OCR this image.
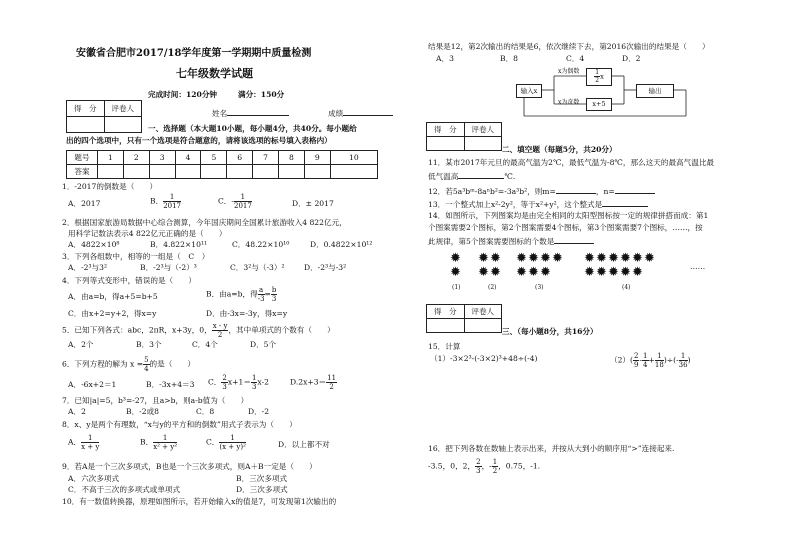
安徽省合肥市2017/18学年度第一学期期中质量检测
七年级数学试题
完成时间：120分钟	满分：150分
得　分	评卷人

姓名	成绩
一、选择题（本大题10小题，每小题4分，共40分。每小题给
出的四个选项中，只有一个选项是符合题意的，请将该选项的标号填入表格内）
题号	1	2	3	4	5	6	7	8	9	10
答案										
1．-2017的倒数是（　　）
A．2017	B． $\frac{1}{2017}$	C．- $\frac{1}{2017}$	D．± 2017
2．根据国家旅游局数据中心综合测算，今年国庆期间全国累计旅游收入4 822亿元，
用科学记数法表示4 822亿元正确的是（　　）
A．4822×10⁸	B．4.822×10¹¹	C．48.22×10¹⁰	D．0.4822×10¹²
3．下列各组数中，相等的一组是（　C　）
A．-2³与3²	B．-2³与（-2）³	C．3²与（-3）²	D．-2³与-3²
4．下列等式变形中，错误的是（　　）
A．由a=b，得a+5=b+5	B．由a=b，得 $\frac{a}{-3} = \frac{b}{3}$
C．由x+2=y+2，得x=y	D．由-3x=-3y，得x=y
5．已知下列各式：abc，2πR，x+3y，0， $\frac{x - y}{2}$ ，其中单项式的个数有（　　）
A．2个	B．3个	C．4个	D．5个
6．下列方程的解为 $x = \frac{5}{4}$ 的是（　　）
A．-6x+2＝1	B．-3x+4＝3 C． $\frac{2}{3} x+1= \frac{1}{3} x-2$	$D.2x+3= \frac{11}{2}$
7．已知|a|=5，b³=-27，且a>b，则a-b值为（　　）
A．2	B．-2或8	C．8	D．-2
8．x、y是两个有理数，“x与y的平方和的倒数”用式子表示为（　　）
A． $\frac{1}{x + y}$	B． $\frac{1}{\text{x² + y²}}$	C． $\frac{1}{\text{(x + y)²}}$	D．以上都不对
9．若A是一个三次多项式，B也是一个三次多项式，则A＋B一定是（　　）
A．六次多项式	B．三次多项式
C．不高于三次的多项式或单项式	D．三次多项式
10．有一数值转换器，原理如图所示，若开始输入x的值是7，可发现第1次输出的
结果是12，第2次输出的结果是6，依次继续下去，第2016次输出的结果是（　　）
A．3	B．8	C．4	D．2
输入x
x为偶数 $\frac{1}{2}$ x
x为奇数	x+5
输出
得　分	评卷人

二、填空题（每题5分，共20分）
11．某市2017年元旦的最高气温为2℃，最低气温为-8℃，那么这天的最高气温比最
低气温高	℃.
12．若5a³bᵐ-8aⁿb²=-3a³b²，则m=	，n=
13．一个整式加上x²-2y²，等于x²+y²，这个整式是
14．如图所示，下列图案均是由完全相同的太阳型图标按一定的规律拼搭而成：第1
个图案需要2个图标，第2个图案需要4个图标，第3个图案需要7个图标，……，按
此规律，第5个图案需要图标的个数是
✹
✹
✹ ✹
✹ ✹
✹ ✹ ✹ ✹
✹ ✹ ✹
✹ ✹ ✹ ✹ ✹ ✹
✹ ✹ ✹ ✹ ✹	……
(1)	(2)	(3)	(4)
得　分	评卷人

三、（每小题8分，共16分）
15．计算
（1）-3×2³-(-3×2)³+48÷(-4)	$(2)( \frac{2}{9} - \frac{1}{4} + \frac{1}{18}$ )÷(- $\frac{1}{36}$ )
16．把下列各数在数轴上表示出来，并按从大到小的顺序用“>”连接起来.
-3.5，0，2， $\frac{2}{3}$ ，- $\frac{1}{2}$ ，0.75，-1.
